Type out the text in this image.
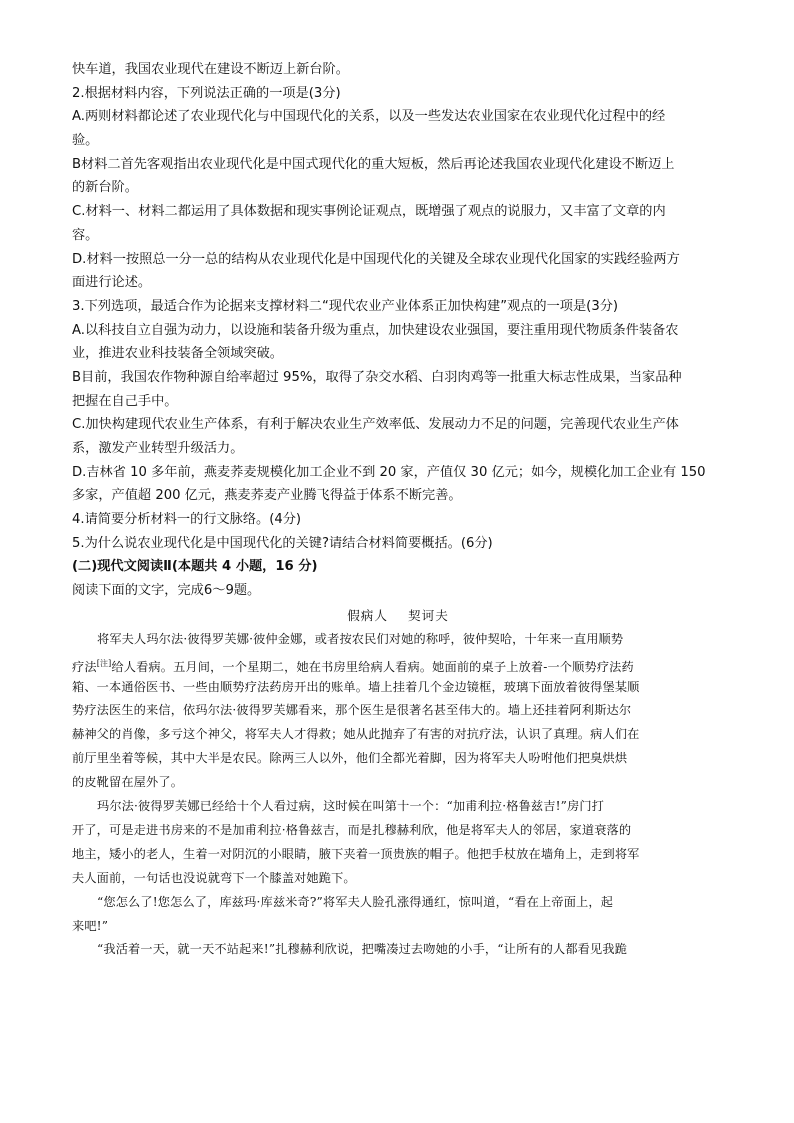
快车道，我国农业现代在建设不断迈上新台阶。
2.根据材料内容，下列说法正确的一项是(3分)
A.两则材料都论述了农业现代化与中国现代化的关系，以及一些发达农业国家在农业现代化过程中的经
验。
B材料二首先客观指出农业现代化是中国式现代化的重大短板，然后再论述我国农业现代化建设不断迈上
的新台阶。
C.材料一、材料二都运用了具体数据和现实事例论证观点，既增强了观点的说服力，又丰富了文章的内
容。
D.材料一按照总一分一总的结构从农业现代化是中国现代化的关键及全球农业现代化国家的实践经验两方
面进行论述。
3.下列选项，最适合作为论据来支撑材料二“现代农业产业体系正加快构建”观点的一项是(3分)
A.以科技自立自强为动力，以设施和装备升级为重点，加快建设农业强国，要注重用现代物质条件装备农
业，推进农业科技装备全领域突破。
B目前，我国农作物种源自给率超过 95%，取得了杂交水稻、白羽肉鸡等一批重大标志性成果，当家品种
把握在自己手中。
C.加快构建现代农业生产体系，有利于解决农业生产效率低、发展动力不足的问题，完善现代农业生产体
系，激发产业转型升级活力。
D.吉林省 10 多年前，燕麦荞麦规模化加工企业不到 20 家，产值仅 30 亿元；如今，规模化加工企业有 150
多家，产值超 200 亿元，燕麦荞麦产业腾飞得益于体系不断完善。
4.请简要分析材料一的行文脉络。(4分)
5.为什么说农业现代化是中国现代化的关键?请结合材料简要概括。(6分)
(二)现代文阅读Ⅱ(本题共 4 小题，16 分)
阅读下面的文字，完成6～9题。
假病人 契诃夫
将军夫人玛尔法·彼得罗芙娜·彼仲金娜，或者按农民们对她的称呼，彼仲契哈，十年来一直用顺势
疗法[注]给人看病。五月间，一个星期二，她在书房里给病人看病。她面前的桌子上放着-一个顺势疗法药
箱、一本通俗医书、一些由顺势疗法药房开出的账单。墙上挂着几个金边镜框，玻璃下面放着彼得堡某顺
势疗法医生的来信，依玛尔法·彼得罗芙娜看来，那个医生是很著名甚至伟大的。墙上还挂着阿利斯达尔
赫神父的肖像，多亏这个神父，将军夫人才得救；她从此抛弃了有害的对抗疗法，认识了真理。病人们在
前厅里坐着等候，其中大半是农民。除两三人以外，他们全都光着脚，因为将军夫人吩咐他们把臭烘烘
的皮靴留在屋外了。
玛尔法·彼得罗芙娜已经给十个人看过病，这时候在叫第十一个：“加甫利拉·格鲁兹吉!”房门打
开了，可是走进书房来的不是加甫利拉·格鲁兹吉，而是扎穆赫利欣，他是将军夫人的邻居，家道衰落的
地主，矮小的老人，生着一对阴沉的小眼睛，腋下夹着一顶贵族的帽子。他把手杖放在墙角上，走到将军
夫人面前，一句话也没说就弯下一个膝盖对她跪下。
“您怎么了!您怎么了，库兹玛·库兹米奇?”将军夫人脸孔涨得通红，惊叫道，“看在上帝面上，起
来吧!”
“我活着一天，就一天不站起来!”扎穆赫利欣说，把嘴凑过去吻她的小手，“让所有的人都看见我跪
